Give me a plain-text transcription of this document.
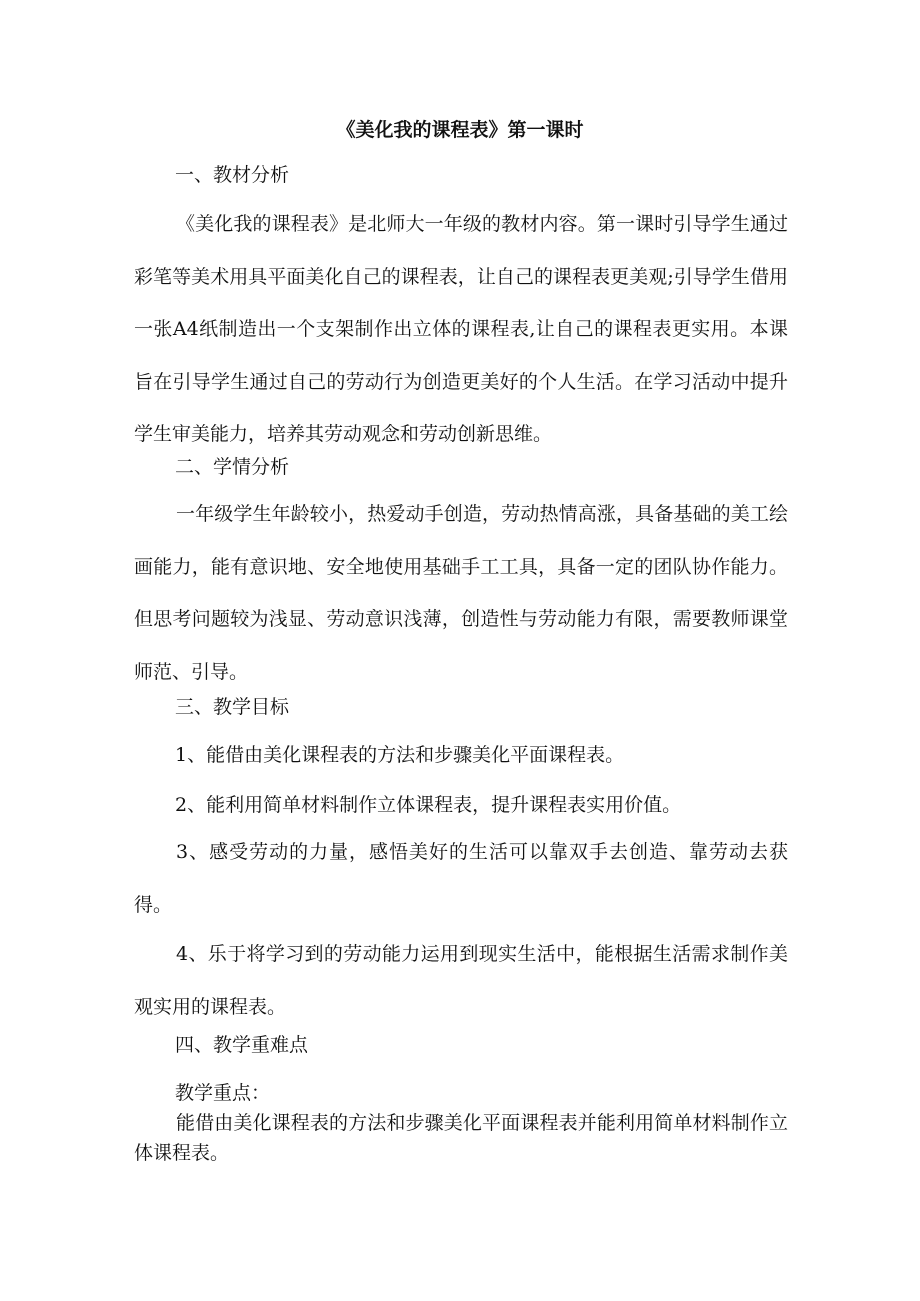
《美化我的课程表》第一课时
一、教材分析

《美化我的课程表》是北师大一年级的教材内容。第一课时引导学生通过彩笔等美术用具平面美化自己的课程表，让自己的课程表更美观;引导学生借用一张A4纸制造出一个支架制作出立体的课程表,让自己的课程表更实用。本课旨在引导学生通过自己的劳动行为创造更美好的个人生活。在学习活动中提升学生审美能力，培养其劳动观念和劳动创新思维。

二、学情分析

一年级学生年龄较小，热爱动手创造，劳动热情高涨，具备基础的美工绘画能力，能有意识地、安全地使用基础手工工具，具备一定的团队协作能力。但思考问题较为浅显、劳动意识浅薄，创造性与劳动能力有限，需要教师课堂师范、引导。

三、教学目标
1、能借由美化课程表的方法和步骤美化平面课程表。
2、能利用简单材料制作立体课程表，提升课程表实用价值。

3、感受劳动的力量，感悟美好的生活可以靠双手去创造、靠劳动去获得。

4、乐于将学习到的劳动能力运用到现实生活中，能根据生活需求制作美观实用的课程表。

四、教学重难点
教学重点：

能借由美化课程表的方法和步骤美化平面课程表并能利用简单材料制作立体课程表。
